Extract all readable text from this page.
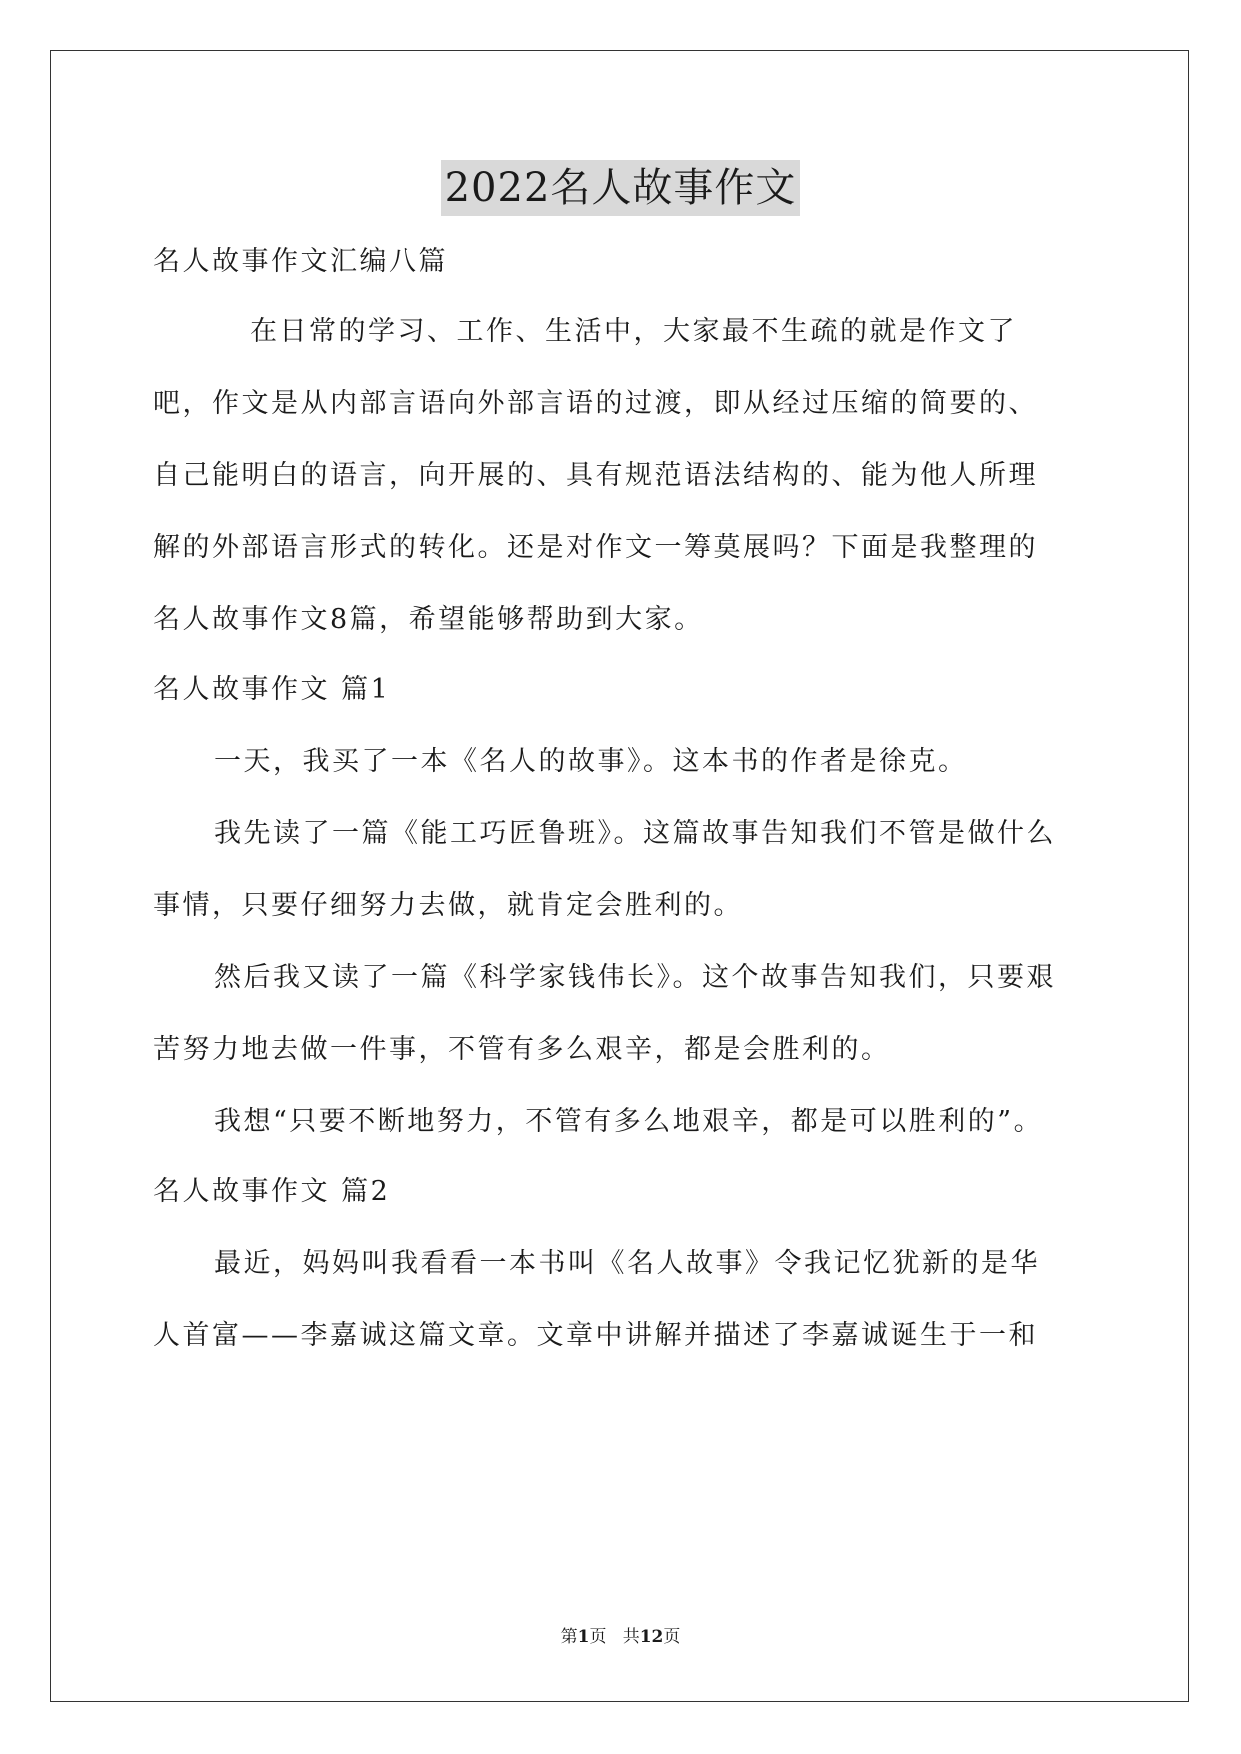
2022名人故事作文
名人故事作文汇编八篇
在日常的学习、工作、生活中，大家最不生疏的就是作文了
吧，作文是从内部言语向外部言语的过渡，即从经过压缩的简要的、
自己能明白的语言，向开展的、具有规范语法结构的、能为他人所理
解的外部语言形式的转化。还是对作文一筹莫展吗？下面是我整理的
名人故事作文8篇，希望能够帮助到大家。
名人故事作文 篇1
一天，我买了一本《名人的故事》。这本书的作者是徐克。
我先读了一篇《能工巧匠鲁班》。这篇故事告知我们不管是做什么
事情，只要仔细努力去做，就肯定会胜利的。
然后我又读了一篇《科学家钱伟长》。这个故事告知我们，只要艰
苦努力地去做一件事，不管有多么艰辛，都是会胜利的。
我想“只要不断地努力，不管有多么地艰辛，都是可以胜利的”。
名人故事作文 篇2
最近，妈妈叫我看看一本书叫《名人故事》令我记忆犹新的是华
人首富——李嘉诚这篇文章。文章中讲解并描述了李嘉诚诞生于一和
第1页 共12页
